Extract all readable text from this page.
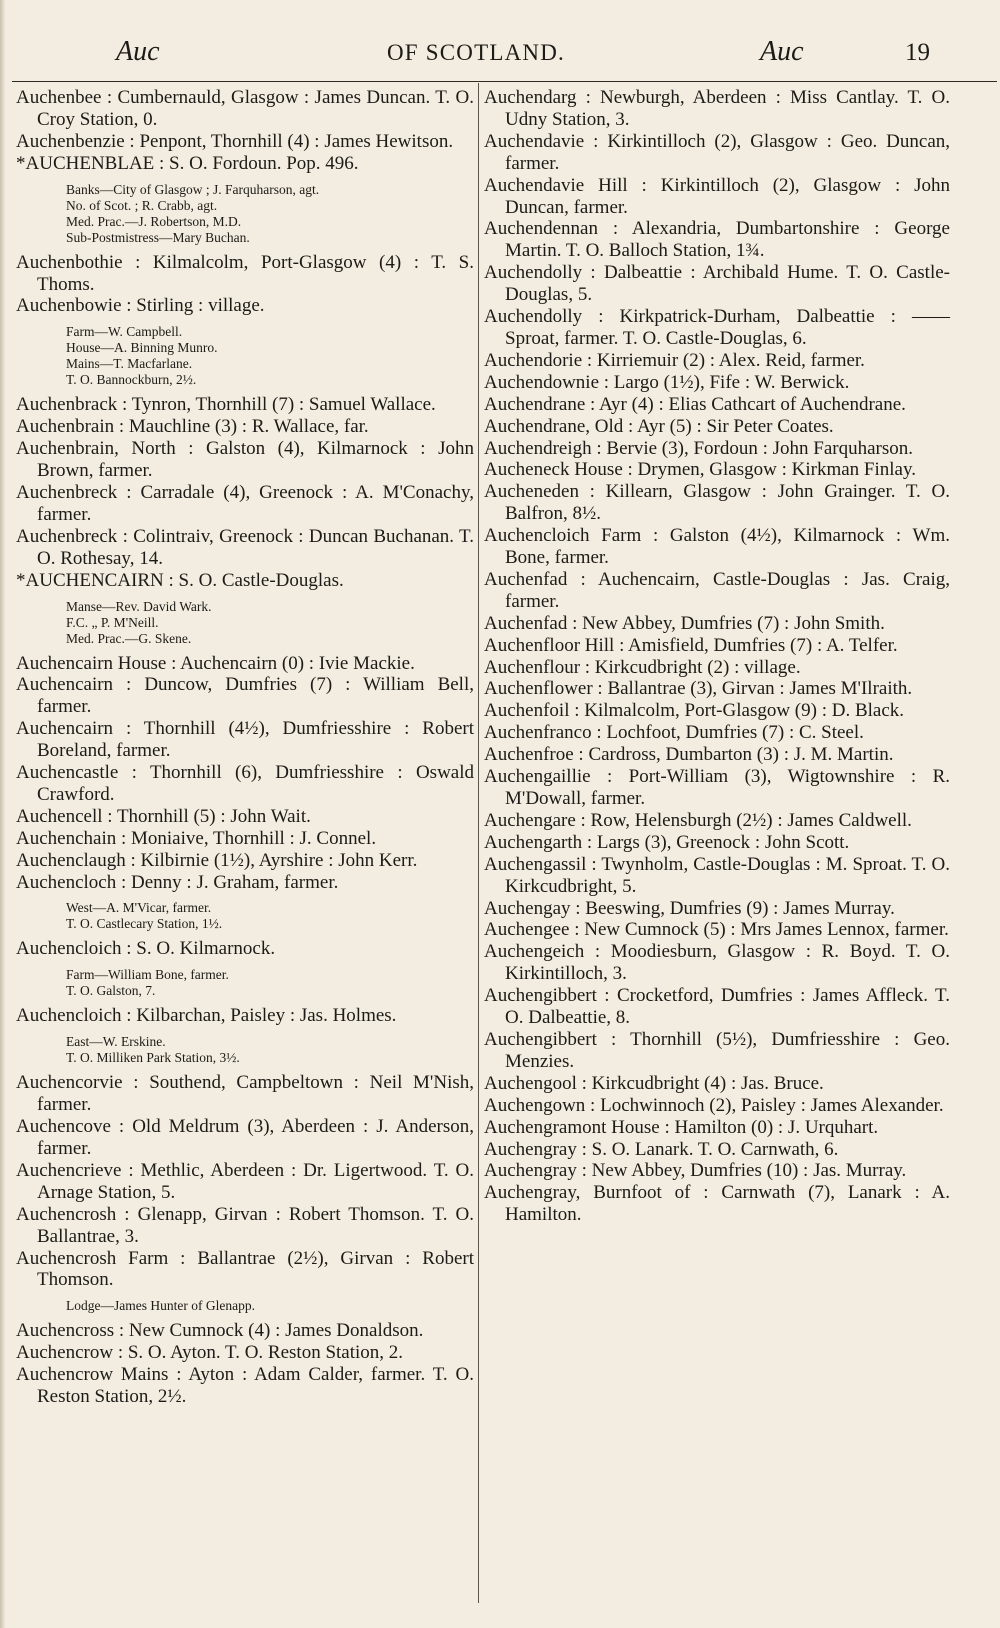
Auc	OF SCOTLAND.	Auc	19
Auchenbee : Cumbernauld, Glasgow : James Duncan. T. O. Croy Station, 0.
Auchenbenzie : Penpont, Thornhill (4) : James Hewitson.
*AUCHENBLAE : S. O. Fordoun. Pop. 496.
Banks—City of Glasgow ; J. Farquharson, agt.
No. of Scot. ; R. Crabb, agt.
Med. Prac.—J. Robertson, M.D.
Sub-Postmistress—Mary Buchan.
Auchenbothie : Kilmalcolm, Port-Glasgow (4) : T. S. Thoms.
Auchenbowie : Stirling : village.
Farm—W. Campbell.
House—A. Binning Munro.
Mains—T. Macfarlane.
T. O. Bannockburn, 2½.
Auchenbrack : Tynron, Thornhill (7) : Samuel Wallace.
Auchenbrain : Mauchline (3) : R. Wallace, far.
Auchenbrain, North : Galston (4), Kilmarnock : John Brown, farmer.
Auchenbreck : Carradale (4), Greenock : A. M'Conachy, farmer.
Auchenbreck : Colintraiv, Greenock : Duncan Buchanan. T. O. Rothesay, 14.
*AUCHENCAIRN : S. O. Castle-Douglas.
Manse—Rev. David Wark.
F.C. „ P. M'Neill.
Med. Prac.—G. Skene.
Auchencairn House : Auchencairn (0) : Ivie Mackie.
Auchencairn : Duncow, Dumfries (7) : William Bell, farmer.
Auchencairn : Thornhill (4½), Dumfriesshire : Robert Boreland, farmer.
Auchencastle : Thornhill (6), Dumfriesshire : Oswald Crawford.
Auchencell : Thornhill (5) : John Wait.
Auchenchain : Moniaive, Thornhill : J. Connel.
Auchenclaugh : Kilbirnie (1½), Ayrshire : John Kerr.
Auchencloch : Denny : J. Graham, farmer.
West—A. M'Vicar, farmer.
T. O. Castlecary Station, 1½.
Auchencloich : S. O. Kilmarnock.
Farm—William Bone, farmer.
T. O. Galston, 7.
Auchencloich : Kilbarchan, Paisley : Jas. Holmes.
East—W. Erskine.
T. O. Milliken Park Station, 3½.
Auchencorvie : Southend, Campbeltown : Neil M'Nish, farmer.
Auchencove : Old Meldrum (3), Aberdeen : J. Anderson, farmer.
Auchencrieve : Methlic, Aberdeen : Dr. Ligertwood. T. O. Arnage Station, 5.
Auchencrosh : Glenapp, Girvan : Robert Thomson. T. O. Ballantrae, 3.
Auchencrosh Farm : Ballantrae (2½), Girvan : Robert Thomson.
Lodge—James Hunter of Glenapp.
Auchencross : New Cumnock (4) : James Donaldson.
Auchencrow : S. O. Ayton. T. O. Reston Station, 2.
Auchencrow Mains : Ayton : Adam Calder, farmer. T. O. Reston Station, 2½.
Auchendarg : Newburgh, Aberdeen : Miss Cantlay. T. O. Udny Station, 3.
Auchendavie : Kirkintilloch (2), Glasgow : Geo. Duncan, farmer.
Auchendavie Hill : Kirkintilloch (2), Glasgow : John Duncan, farmer.
Auchendennan : Alexandria, Dumbartonshire : George Martin. T. O. Balloch Station, 1¾.
Auchendolly : Dalbeattie : Archibald Hume. T. O. Castle-Douglas, 5.
Auchendolly : Kirkpatrick-Durham, Dalbeattie : —— Sproat, farmer. T. O. Castle-Douglas, 6.
Auchendorie : Kirriemuir (2) : Alex. Reid, farmer.
Auchendownie : Largo (1½), Fife : W. Berwick.
Auchendrane : Ayr (4) : Elias Cathcart of Auchendrane.
Auchendrane, Old : Ayr (5) : Sir Peter Coates.
Auchendreigh : Bervie (3), Fordoun : John Farquharson.
Aucheneck House : Drymen, Glasgow : Kirkman Finlay.
Aucheneden : Killearn, Glasgow : John Grainger. T. O. Balfron, 8½.
Auchencloich Farm : Galston (4½), Kilmarnock : Wm. Bone, farmer.
Auchenfad : Auchencairn, Castle-Douglas : Jas. Craig, farmer.
Auchenfad : New Abbey, Dumfries (7) : John Smith.
Auchenfloor Hill : Amisfield, Dumfries (7) : A. Telfer.
Auchenflour : Kirkcudbright (2) : village.
Auchenflower : Ballantrae (3), Girvan : James M'Ilraith.
Auchenfoil : Kilmalcolm, Port-Glasgow (9) : D. Black.
Auchenfranco : Lochfoot, Dumfries (7) : C. Steel.
Auchenfroe : Cardross, Dumbarton (3) : J. M. Martin.
Auchengaillie : Port-William (3), Wigtownshire : R. M'Dowall, farmer.
Auchengare : Row, Helensburgh (2½) : James Caldwell.
Auchengarth : Largs (3), Greenock : John Scott.
Auchengassil : Twynholm, Castle-Douglas : M. Sproat. T. O. Kirkcudbright, 5.
Auchengay : Beeswing, Dumfries (9) : James Murray.
Auchengee : New Cumnock (5) : Mrs James Lennox, farmer.
Auchengeich : Moodiesburn, Glasgow : R. Boyd. T. O. Kirkintilloch, 3.
Auchengibbert : Crocketford, Dumfries : James Affleck. T. O. Dalbeattie, 8.
Auchengibbert : Thornhill (5½), Dumfriesshire : Geo. Menzies.
Auchengool : Kirkcudbright (4) : Jas. Bruce.
Auchengown : Lochwinnoch (2), Paisley : James Alexander.
Auchengramont House : Hamilton (0) : J. Urquhart.
Auchengray : S. O. Lanark. T. O. Carnwath, 6.
Auchengray : New Abbey, Dumfries (10) : Jas. Murray.
Auchengray, Burnfoot of : Carnwath (7), Lanark : A. Hamilton.
